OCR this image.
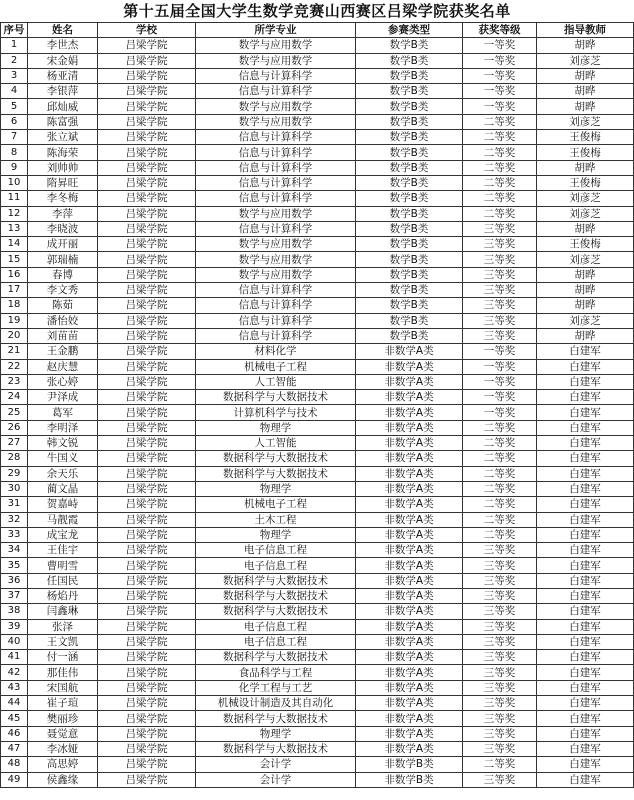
第十五届全国大学生数学竞赛山西赛区吕梁学院获奖名单
序号	姓名	学校	所学专业	参赛类型	获奖等级	指导教师
1	李世杰	吕梁学院	数学与应用数学	数学B类	一等奖	胡晔
2	宋金娟	吕梁学院	数学与应用数学	数学B类	一等奖	刘彦芝
3	杨亚清	吕梁学院	信息与计算科学	数学B类	一等奖	胡晔
4	李银萍	吕梁学院	信息与计算科学	数学B类	一等奖	胡晔
5	邱灿威	吕梁学院	数学与应用数学	数学B类	一等奖	胡晔
6	陈富强	吕梁学院	数学与应用数学	数学B类	二等奖	刘彦芝
7	张立斌	吕梁学院	信息与计算科学	数学B类	二等奖	王俊梅
8	陈海荣	吕梁学院	信息与计算科学	数学B类	二等奖	王俊梅
9	刘帅帅	吕梁学院	信息与计算科学	数学B类	二等奖	胡晔
10	隋昇旺	吕梁学院	信息与计算科学	数学B类	二等奖	王俊梅
11	李冬梅	吕梁学院	信息与计算科学	数学B类	二等奖	刘彦芝
12	李萍	吕梁学院	数学与应用数学	数学B类	二等奖	刘彦芝
13	李晓波	吕梁学院	信息与计算科学	数学B类	三等奖	胡晔
14	成开丽	吕梁学院	数学与应用数学	数学B类	三等奖	王俊梅
15	郭瑞楠	吕梁学院	数学与应用数学	数学B类	三等奖	刘彦芝
16	春博	吕梁学院	数学与应用数学	数学B类	三等奖	胡晔
17	李文秀	吕梁学院	信息与计算科学	数学B类	三等奖	胡晔
18	陈茹	吕梁学院	信息与计算科学	数学B类	三等奖	胡晔
19	潘怡姣	吕梁学院	信息与计算科学	数学B类	三等奖	刘彦芝
20	刘苗苗	吕梁学院	信息与计算科学	数学B类	三等奖	胡晔
21	王金鹏	吕梁学院	材料化学	非数学A类	一等奖	白建军
22	赵庆慧	吕梁学院	机械电子工程	非数学A类	一等奖	白建军
23	张心婷	吕梁学院	人工智能	非数学A类	一等奖	白建军
24	尹泽成	吕梁学院	数据科学与大数据技术	非数学A类	一等奖	白建军
25	葛军	吕梁学院	计算机科学与技术	非数学A类	一等奖	白建军
26	李明泽	吕梁学院	物理学	非数学A类	二等奖	白建军
27	韩文锐	吕梁学院	人工智能	非数学A类	二等奖	白建军
28	牛国义	吕梁学院	数据科学与大数据技术	非数学A类	二等奖	白建军
29	余天乐	吕梁学院	数据科学与大数据技术	非数学A类	二等奖	白建军
30	蔺文晶	吕梁学院	物理学	非数学A类	二等奖	白建军
31	贺嘉峙	吕梁学院	机械电子工程	非数学A类	二等奖	白建军
32	马靓霞	吕梁学院	土木工程	非数学A类	二等奖	白建军
33	成宝龙	吕梁学院	物理学	非数学A类	二等奖	白建军
34	王佳宇	吕梁学院	电子信息工程	非数学A类	三等奖	白建军
35	曹明雪	吕梁学院	电子信息工程	非数学A类	三等奖	白建军
36	任国民	吕梁学院	数据科学与大数据技术	非数学A类	三等奖	白建军
37	杨焰丹	吕梁学院	数据科学与大数据技术	非数学A类	三等奖	白建军
38	闫鑫琳	吕梁学院	数据科学与大数据技术	非数学A类	三等奖	白建军
39	张泽	吕梁学院	电子信息工程	非数学A类	三等奖	白建军
40	王文凯	吕梁学院	电子信息工程	非数学A类	三等奖	白建军
41	付一涵	吕梁学院	数据科学与大数据技术	非数学A类	三等奖	白建军
42	那佳伟	吕梁学院	食品科学与工程	非数学A类	三等奖	白建军
43	宋国航	吕梁学院	化学工程与工艺	非数学A类	三等奖	白建军
44	崔子瑄	吕梁学院	机械设计制造及其自动化	非数学A类	三等奖	白建军
45	樊丽珍	吕梁学院	数据科学与大数据技术	非数学A类	三等奖	白建军
46	聂觉意	吕梁学院	物理学	非数学A类	三等奖	白建军
47	李冰娅	吕梁学院	数据科学与大数据技术	非数学A类	三等奖	白建军
48	高思婷	吕梁学院	会计学	非数学B类	二等奖	白建军
49	侯鑫缘	吕梁学院	会计学	非数学B类	三等奖	白建军
